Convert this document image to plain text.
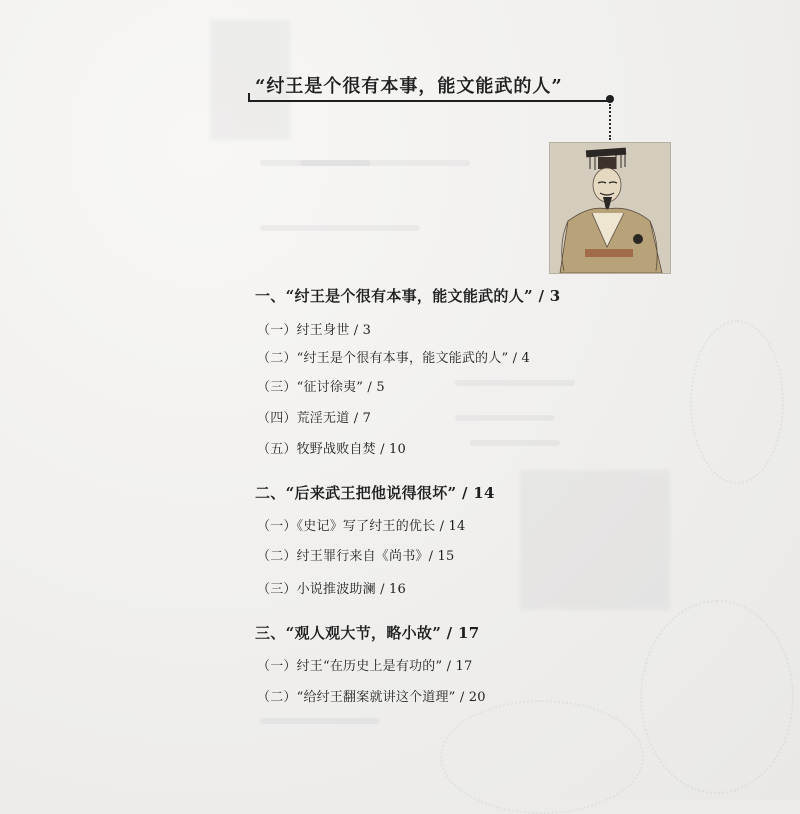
“纣王是个很有本事，能文能武的人”
一、“纣王是个很有本事，能文能武的人” / 3
（一）纣王身世 / 3
（二）“纣王是个很有本事，能文能武的人” / 4
（三）“征讨徐夷” / 5
（四）荒淫无道 / 7
（五）牧野战败自焚 / 10
二、“后来武王把他说得很坏” / 14
（一）《史记》写了纣王的优长 / 14
（二）纣王罪行来自《尚书》/ 15
（三）小说推波助澜 / 16
三、“观人观大节，略小故” / 17
（一）纣王“在历史上是有功的” / 17
（二）“给纣王翻案就讲这个道理” / 20
